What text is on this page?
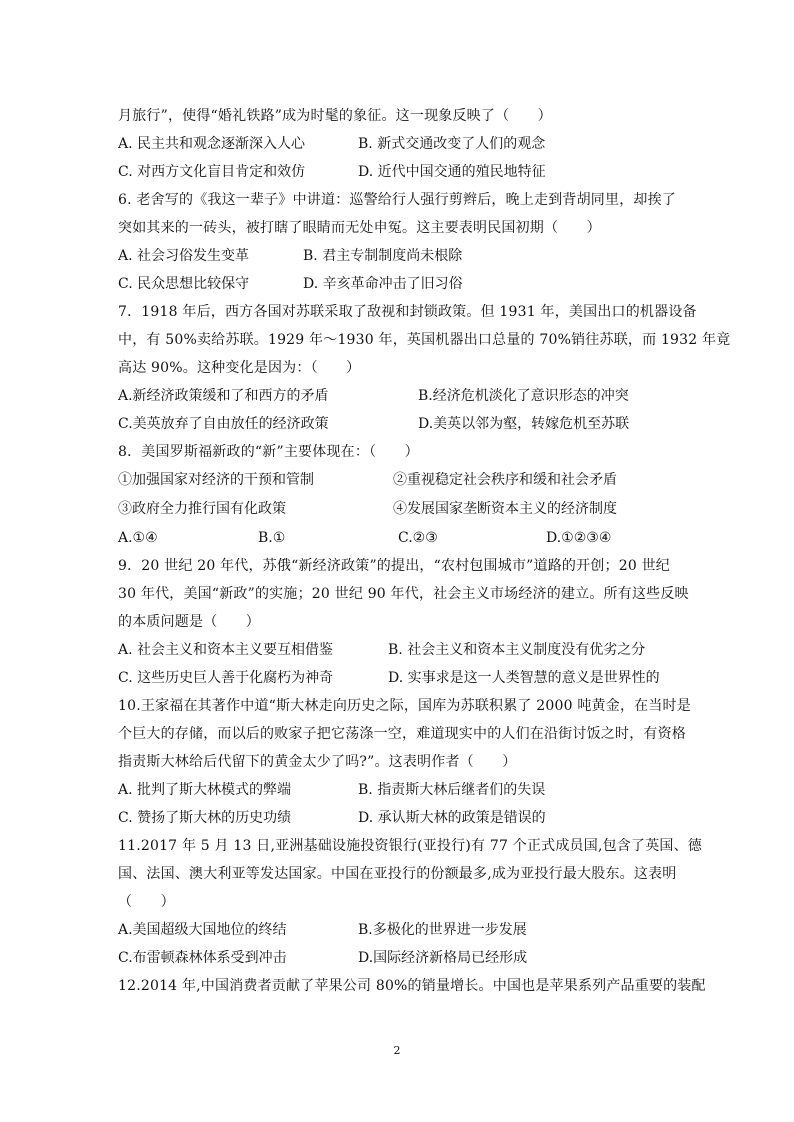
月旅行”，使得“婚礼铁路”成为时髦的象征。这一现象反映了（　　）
A. 民主共和观念逐渐深入人心	B. 新式交通改变了人们的观念
C. 对西方文化盲目肯定和效仿	D. 近代中国交通的殖民地特征
6. 老舍写的《我这一辈子》中讲道：巡警给行人强行剪辫后，晚上走到背胡同里，却挨了
突如其来的一砖头，被打瞎了眼睛而无处申冤。这主要表明民国初期（　　）
A. 社会习俗发生变革	B. 君主专制制度尚未根除
C. 民众思想比较保守	D. 辛亥革命冲击了旧习俗
7．1918 年后，西方各国对苏联采取了敌视和封锁政策。但 1931 年，美国出口的机器设备
中，有 50%卖给苏联。1929 年～1930 年，英国机器出口总量的 70%销往苏联，而 1932 年竟
高达 90%。这种变化是因为：（　　）
A.新经济政策缓和了和西方的矛盾	B.经济危机淡化了意识形态的冲突
C.美英放弃了自由放任的经济政策	D.美英以邻为壑，转嫁危机至苏联
8．美国罗斯福新政的“新”主要体现在：（　　）
①加强国家对经济的干预和管制	②重视稳定社会秩序和缓和社会矛盾
③政府全力推行国有化政策	④发展国家垄断资本主义的经济制度
A.①④	B.①	C.②③	D.①②③④
9．20 世纪 20 年代，苏俄“新经济政策”的提出，“农村包围城市”道路的开创；20 世纪
30 年代，美国“新政”的实施；20 世纪 90 年代，社会主义市场经济的建立。所有这些反映
的本质问题是（　　）
A. 社会主义和资本主义要互相借鉴	B. 社会主义和资本主义制度没有优劣之分
C. 这些历史巨人善于化腐朽为神奇	D. 实事求是这一人类智慧的意义是世界性的
10.王家福在其著作中道“斯大林走向历史之际，国库为苏联积累了 2000 吨黄金，在当时是
个巨大的存储，而以后的败家子把它荡涤一空，难道现实中的人们在沿街讨饭之时，有资格
指责斯大林给后代留下的黄金太少了吗?”。这表明作者（　　）
A. 批判了斯大林模式的弊端	B. 指责斯大林后继者们的失误
C. 赞扬了斯大林的历史功绩	D. 承认斯大林的政策是错误的
11.2017 年 5 月 13 日,亚洲基础设施投资银行(亚投行)有 77 个正式成员国,包含了英国、德
国、法国、澳大利亚等发达国家。中国在亚投行的份额最多,成为亚投行最大股东。这表明
（　　）
A.美国超级大国地位的终结	B.多极化的世界进一步发展
C.布雷顿森林体系受到冲击	D.国际经济新格局已经形成
12.2014 年,中国消费者贡献了苹果公司 80%的销量增长。中国也是苹果系列产品重要的装配
2
